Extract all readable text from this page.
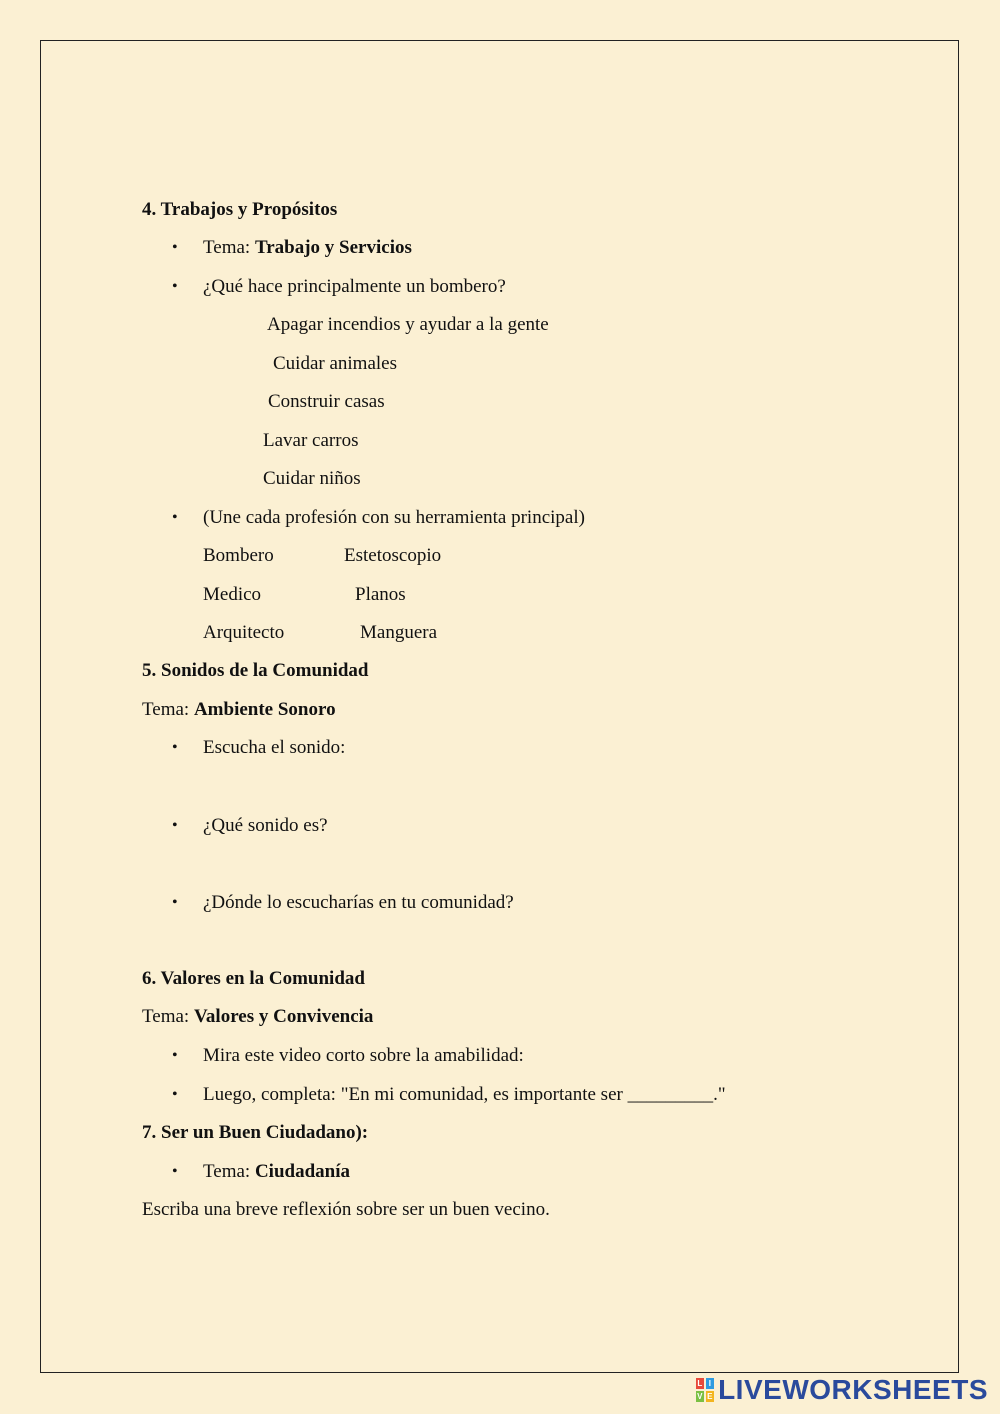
4. Trabajos y Propósitos
• Tema: Trabajo y Servicios
• ¿Qué hace principalmente un bombero?
Apagar incendios y ayudar a la gente
Cuidar animales
Construir casas
Lavar carros
Cuidar niños
• (Une cada profesión con su herramienta principal)
Bombero	Estetoscopio
Medico	Planos
Arquitecto	Manguera
5. Sonidos de la Comunidad
Tema: Ambiente Sonoro
• Escucha el sonido:
• ¿Qué sonido es?
• ¿Dónde lo escucharías en tu comunidad?
6. Valores en la Comunidad
Tema: Valores y Convivencia
• Mira este video corto sobre la amabilidad:
• Luego, completa: "En mi comunidad, es importante ser _________."
7. Ser un Buen Ciudadano):
• Tema: Ciudadanía
Escriba una breve reflexión sobre ser un buen vecino.
L I
V E LIVEWORKSHEETS
